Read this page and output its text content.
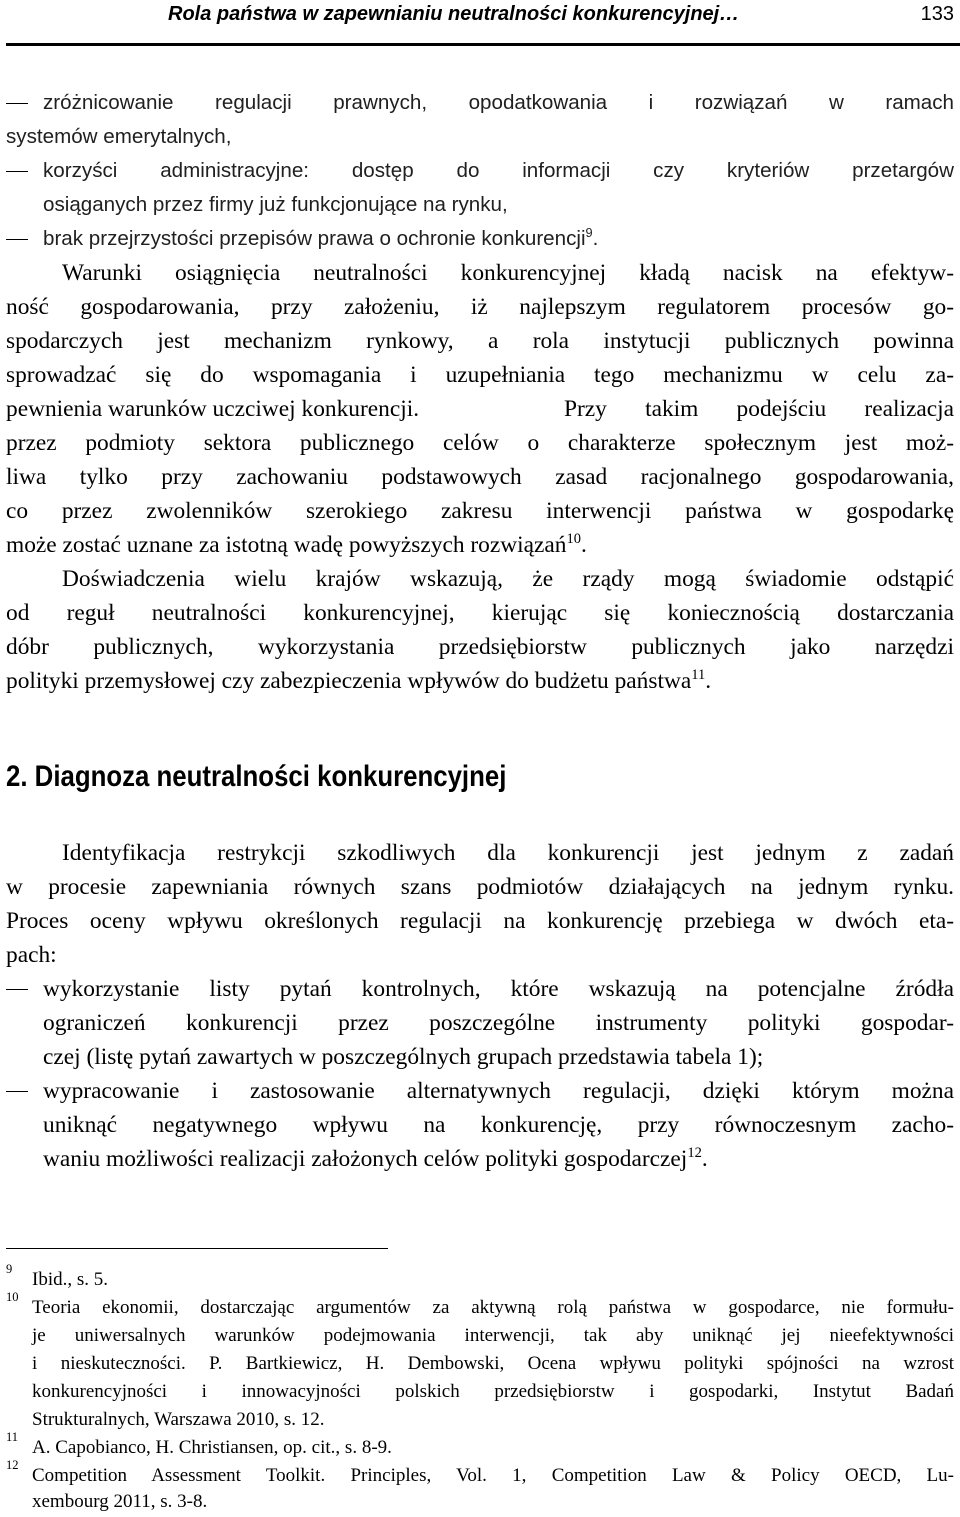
Rola państwa w zapewnianiu neutralności konkurencyjnej…	133
zróżnicowanie regulacji prawnych, opodatkowania i rozwiązań w ramach
systemów emerytalnych,
korzyści administracyjne: dostęp do informacji czy kryteriów przetargów
osiąganych przez firmy już funkcjonujące na rynku,
brak przejrzystości przepisów prawa o ochronie konkurencji$^9$.
Warunki osiągnięcia neutralności konkurencyjnej kładą nacisk na efektyw-
ność gospodarowania, przy założeniu, iż najlepszym regulatorem procesów go-
spodarczych jest mechanizm rynkowy, a rola instytucji publicznych powinna
sprowadzać się do wspomagania i uzupełniania tego mechanizmu w celu za-
pewnienia warunków uczciwej konkurencji.	Przy takim podejściu realizacja
przez podmioty sektora publicznego celów o charakterze społecznym jest moż-
liwa tylko przy zachowaniu podstawowych zasad racjonalnego gospodarowania,
co przez zwolenników szerokiego zakresu interwencji państwa w gospodarkę
może zostać uznane za istotną wadę powyższych rozwiązań$^{10}$.
Doświadczenia wielu krajów wskazują, że rządy mogą świadomie odstąpić
od reguł neutralności konkurencyjnej, kierując się koniecznością dostarczania
dóbr publicznych, wykorzystania przedsiębiorstw publicznych jako narzędzi
polityki przemysłowej czy zabezpieczenia wpływów do budżetu państwa$^{11}$.
2. Diagnoza neutralności konkurencyjnej
Identyfikacja restrykcji szkodliwych dla konkurencji jest jednym z zadań
w procesie zapewniania równych szans podmiotów działających na jednym rynku.
Proces oceny wpływu określonych regulacji na konkurencję przebiega w dwóch eta-
pach:
wykorzystanie listy pytań kontrolnych, które wskazują na potencjalne źródła
ograniczeń konkurencji przez poszczególne instrumenty polityki gospodar-
czej (listę pytań zawartych w poszczególnych grupach przedstawia tabela 1);
wypracowanie i zastosowanie alternatywnych regulacji, dzięki którym można
uniknąć negatywnego wpływu na konkurencję, przy równoczesnym zacho-
waniu możliwości realizacji założonych celów polityki gospodarczej$^{12}$.
9 Ibid., s. 5.
10 Teoria ekonomii, dostarczając argumentów za aktywną rolą państwa w gospodarce, nie formułu-
je uniwersalnych warunków podejmowania interwencji, tak aby uniknąć jej nieefektywności
i nieskuteczności. P. Bartkiewicz, H. Dembowski, Ocena wpływu polityki spójności na wzrost
konkurencyjności i innowacyjności polskich przedsiębiorstw i gospodarki, Instytut Badań
Strukturalnych, Warszawa 2010, s. 12.
11 A. Capobianco, H. Christiansen, op. cit., s. 8-9.
12 Competition Assessment Toolkit. Principles, Vol. 1, Competition Law & Policy OECD, Lu-
xembourg 2011, s. 3-8.
